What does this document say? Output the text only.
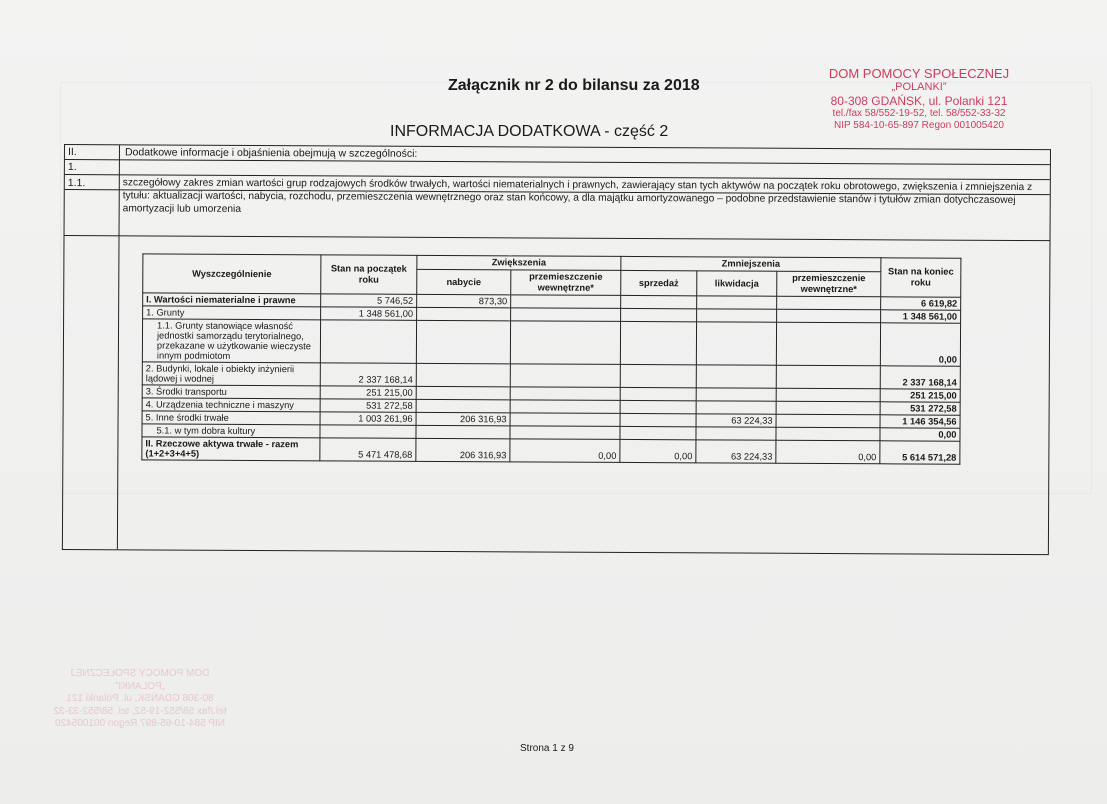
DOM POMOCY SPOŁECZNEJ
„POLANKI”
80-308 GDAŃSK, ul. Polanki 121
tel./fax 58/552-19-52, tel. 58/552-33-32
NIP 584-10-65-897 Regon 001005420
Załącznik nr 2 do bilansu za 2018
INFORMACJA DODATKOWA - część 2
DOM POMOCY SPOŁECZNEJ
„POLANKI”
80-308 GDAŃSK, ul. Polanki 121
tel./fax 58/552-19-52, tel. 58/552-33-32
NIP 584-10-65-897 Regon 001005420
II.	Dodatkowe informacje i objaśnienia obejmują w szczególności:
1.
1.1.	szczegółowy zakres zmian wartości grup rodzajowych środków trwałych, wartości niematerialnych i prawnych, zawierający stan tych aktywów na początek roku obrotowego, zwiększenia i zmniejszenia z tytułu: aktualizacji wartości, nabycia, rozchodu, przemieszczenia wewnętrznego oraz stan końcowy, a dla majątku amortyzowanego – podobne przedstawienie stanów i tytułów zmian dotychczasowej amortyzacji lub umorzenia
Wyszczególnienie	Stan na początek roku	Zwiększenia		Zmniejszenia			Stan na koniec roku
		nabycie	przemieszczenie wewnętrzne*	sprzedaż	likwidacja	przemieszczenie wewnętrzne*	
I. Wartości niematerialne i prawne	5 746,52	873,30					6 619,82
1. Grunty	1 348 561,00						1 348 561,00
1.1. Grunty stanowiące własność jednostki samorządu terytorialnego, przekazane w użytkowanie wieczyste innym podmiotom							0,00
2. Budynki, lokale i obiekty inżynierii lądowej i wodnej	2 337 168,14						2 337 168,14
3. Środki transportu	251 215,00						251 215,00
4. Urządzenia techniczne i maszyny	531 272,58						531 272,58
5. Inne środki trwałe	1 003 261,96	206 316,93			63 224,33		1 146 354,56
5.1. w tym dobra kultury							0,00
II. Rzeczowe aktywa trwałe - razem (1+2+3+4+5)	5 471 478,68	206 316,93	0,00	0,00	63 224,33	0,00	5 614 571,28
Strona 1 z 9
